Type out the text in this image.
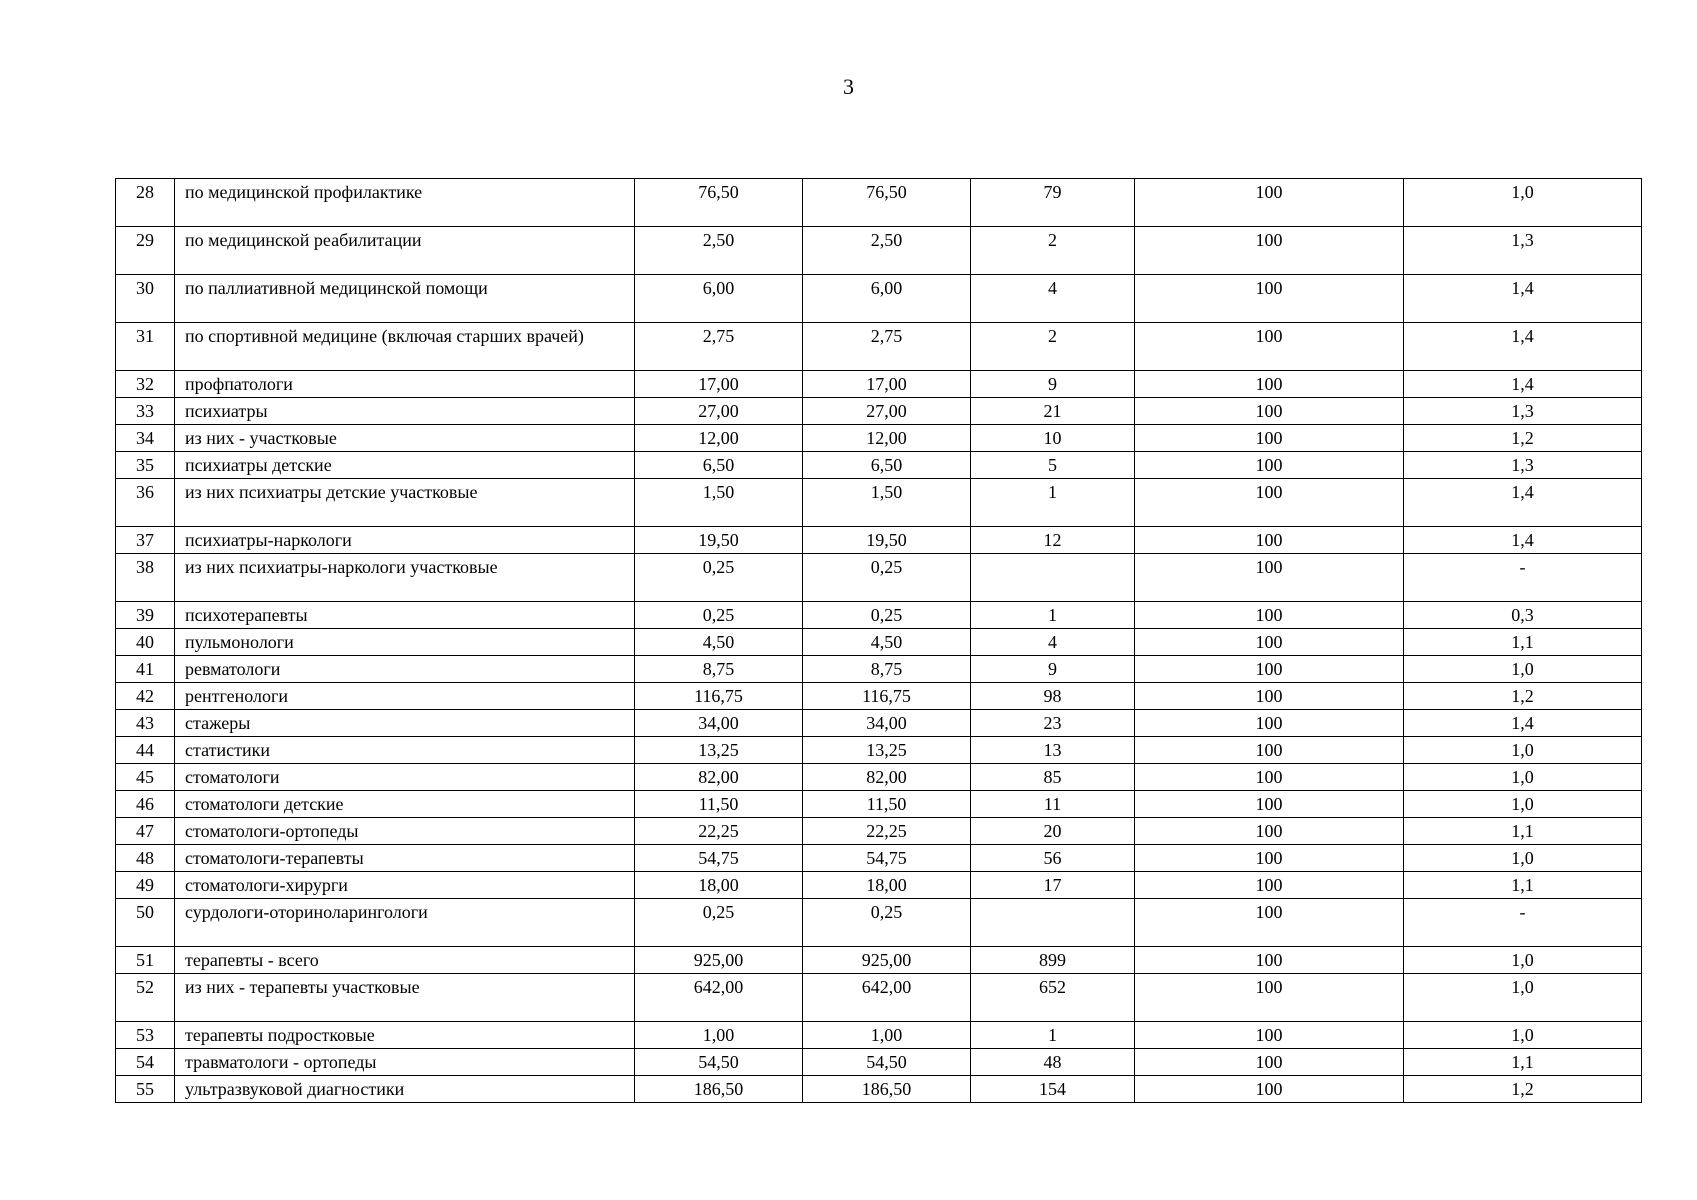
3
28	по медицинской профилактике	76,50	76,50	79	100	1,0
29	по медицинской реабилитации	2,50	2,50	2	100	1,3
30	по паллиативной медицинской помощи	6,00	6,00	4	100	1,4
31	по спортивной медицине (включая старших врачей)	2,75	2,75	2	100	1,4
32	профпатологи	17,00	17,00	9	100	1,4
33	психиатры	27,00	27,00	21	100	1,3
34	из них - участковые	12,00	12,00	10	100	1,2
35	психиатры детские	6,50	6,50	5	100	1,3
36	из них психиатры детские участковые	1,50	1,50	1	100	1,4
37	психиатры-наркологи	19,50	19,50	12	100	1,4
38	из них психиатры-наркологи участковые	0,25	0,25		100	-
39	психотерапевты	0,25	0,25	1	100	0,3
40	пульмонологи	4,50	4,50	4	100	1,1
41	ревматологи	8,75	8,75	9	100	1,0
42	рентгенологи	116,75	116,75	98	100	1,2
43	стажеры	34,00	34,00	23	100	1,4
44	статистики	13,25	13,25	13	100	1,0
45	стоматологи	82,00	82,00	85	100	1,0
46	стоматологи детские	11,50	11,50	11	100	1,0
47	стоматологи-ортопеды	22,25	22,25	20	100	1,1
48	стоматологи-терапевты	54,75	54,75	56	100	1,0
49	стоматологи-хирурги	18,00	18,00	17	100	1,1
50	сурдологи-оториноларингологи	0,25	0,25		100	-
51	терапевты - всего	925,00	925,00	899	100	1,0
52	из них - терапевты участковые	642,00	642,00	652	100	1,0
53	терапевты подростковые	1,00	1,00	1	100	1,0
54	травматологи - ортопеды	54,50	54,50	48	100	1,1
55	ультразвуковой диагностики	186,50	186,50	154	100	1,2
